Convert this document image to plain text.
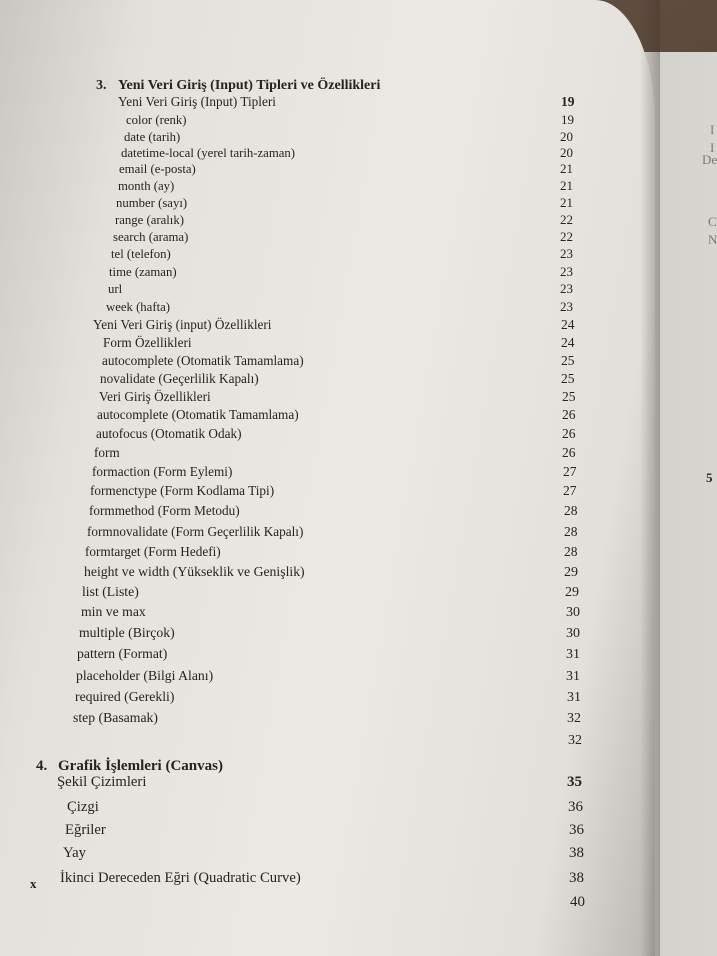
I
I
De
C
N
5
3. Yeni Veri Giriş (Input) Tipleri ve Özellikleri
Yeni Veri Giriş (Input) Tipleri	19
color (renk)	19
date (tarih)	20
datetime-local (yerel tarih-zaman)	20
email (e-posta)	21
month (ay)	21
number (sayı)	21
range (aralık)	22
search (arama)	22
tel (telefon)	23
time (zaman)	23
url	23
week (hafta)	23
Yeni Veri Giriş (input) Özellikleri	24
Form Özellikleri	24
autocomplete (Otomatik Tamamlama)	25
novalidate (Geçerlilik Kapalı)	25
Veri Giriş Özellikleri	25
autocomplete (Otomatik Tamamlama)	26
autofocus (Otomatik Odak)	26
form	26
formaction (Form Eylemi)	27
formenctype (Form Kodlama Tipi)	27
formmethod (Form Metodu)	28
formnovalidate (Form Geçerlilik Kapalı)	28
formtarget (Form Hedefi)	28
height ve width (Yükseklik ve Genişlik)	29
list (Liste)	29
min ve max	30
multiple (Birçok)	30
pattern (Format)	31
placeholder (Bilgi Alanı)	31
required (Gerekli)	31
step (Basamak)	32
32
4. Grafik İşlemleri (Canvas)
Şekil Çizimleri	35
Çizgi	36
Eğriler	36
Yay	38
İkinci Dereceden Eğri (Quadratic Curve)	38
40
x
